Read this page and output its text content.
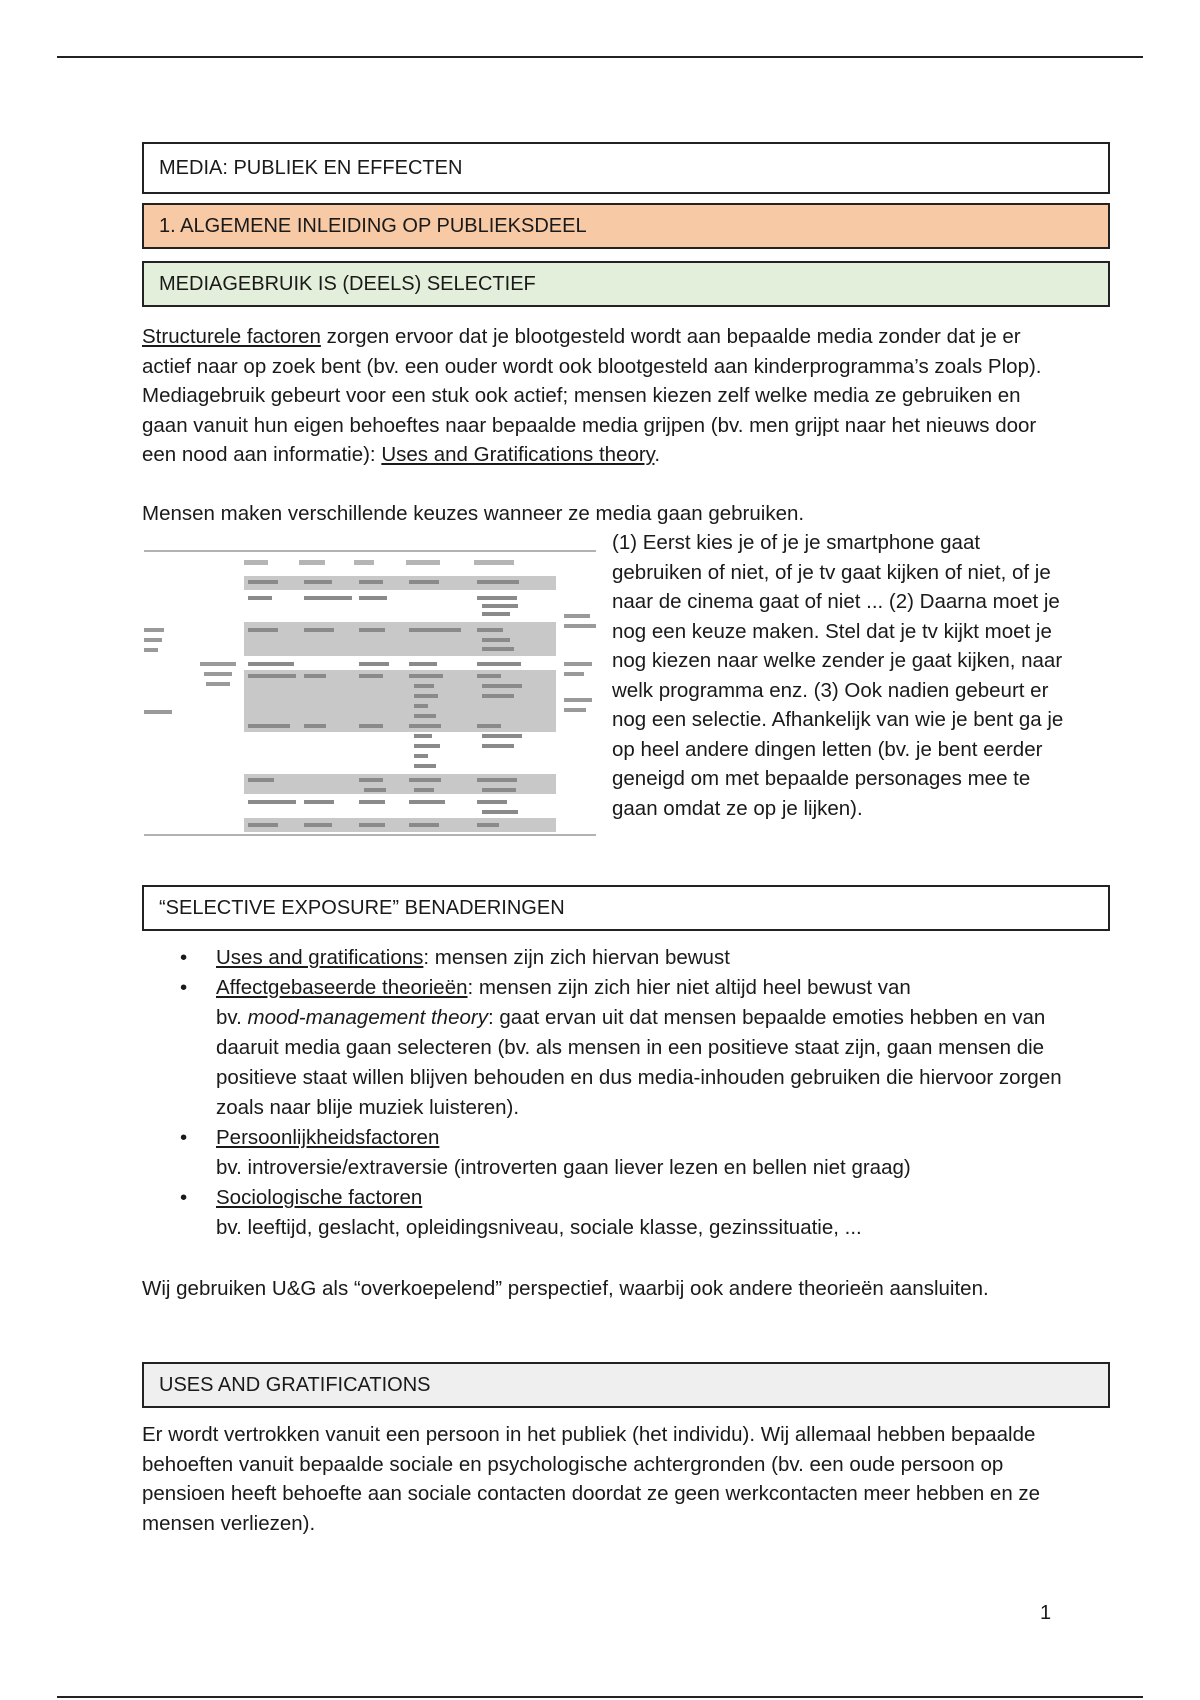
MEDIA: PUBLIEK EN EFFECTEN
1. ALGEMENE INLEIDING OP PUBLIEKSDEEL
MEDIAGEBRUIK IS (DEELS) SELECTIEF

Structurele factoren zorgen ervoor dat je blootgesteld wordt aan bepaalde media zonder dat je er actief naar op zoek bent (bv. een ouder wordt ook blootgesteld aan kinderprogramma’s zoals Plop). Mediagebruik gebeurt voor een stuk ook actief; mensen kiezen zelf welke media ze gebruiken en gaan vanuit hun eigen behoeftes naar bepaalde media grijpen (bv. men grijpt naar het nieuws door een nood aan informatie): Uses and Gratifications theory.

Mensen maken verschillende keuzes wanneer ze media gaan gebruiken.

(1) Eerst kies je of je je smartphone gaat gebruiken of niet, of je tv gaat kijken of niet, of je naar de cinema gaat of niet ... (2) Daarna moet je nog een keuze maken. Stel dat je tv kijkt moet je nog kiezen naar welke zender je gaat kijken, naar welk programma enz. (3) Ook nadien gebeurt er nog een selectie. Afhankelijk van wie je bent ga je op heel andere dingen letten (bv. je bent eerder geneigd om met bepaalde personages mee te gaan omdat ze op je lijken).

“SELECTIVE EXPOSURE” BENADERINGEN
• Uses and gratifications: mensen zijn zich hiervan bewust
• Affectgebaseerde theorieën: mensen zijn zich hier niet altijd heel bewust van
bv. mood-management theory: gaat ervan uit dat mensen bepaalde emoties hebben en van daaruit media gaan selecteren (bv. als mensen in een positieve staat zijn, gaan mensen die positieve staat willen blijven behouden en dus media-inhouden gebruiken die hiervoor zorgen zoals naar blije muziek luisteren).
• Persoonlijkheidsfactoren
bv. introversie/extraversie (introverten gaan liever lezen en bellen niet graag)
• Sociologische factoren
bv. leeftijd, geslacht, opleidingsniveau, sociale klasse, gezinssituatie, ...

Wij gebruiken U&G als “overkoepelend” perspectief, waarbij ook andere theorieën aansluiten.

USES AND GRATIFICATIONS

Er wordt vertrokken vanuit een persoon in het publiek (het individu). Wij allemaal hebben bepaalde behoeften vanuit bepaalde sociale en psychologische achtergronden (bv. een oude persoon op pensioen heeft behoefte aan sociale contacten doordat ze geen werkcontacten meer hebben en ze mensen verliezen).

1
